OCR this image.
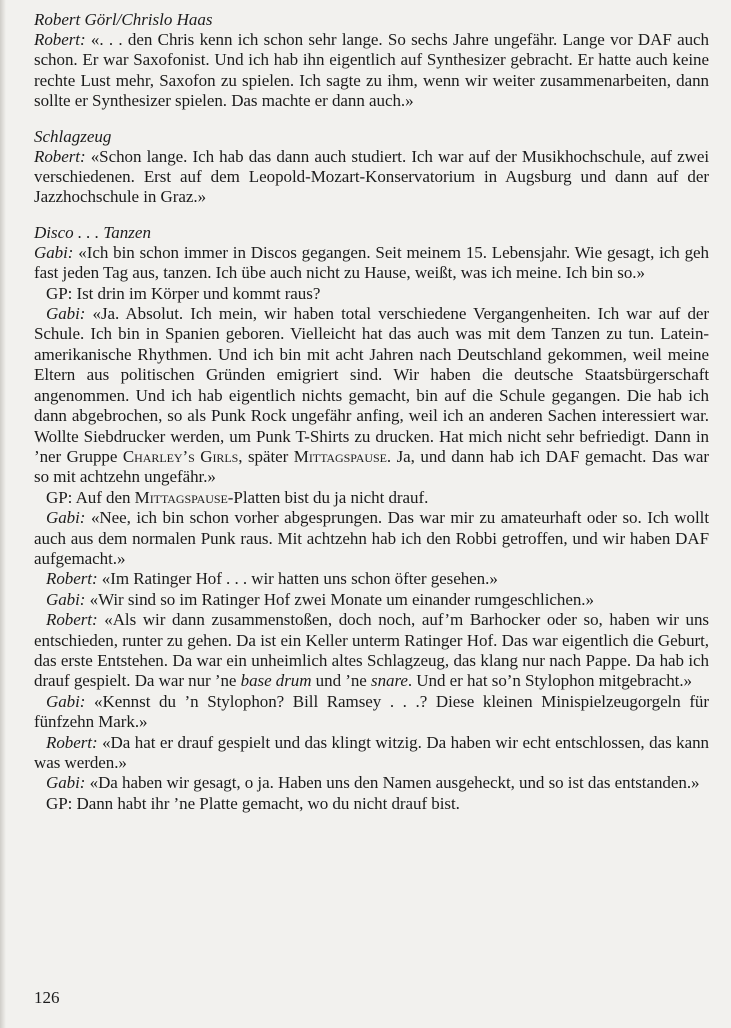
Robert Görl/Chrislo Haas

Robert: «. . . den Chris kenn ich schon sehr lange. So sechs Jahre ungefähr. Lange vor DAF auch schon. Er war Saxofonist. Und ich hab ihn eigentlich auf Synthesizer gebracht. Er hatte auch keine rechte Lust mehr, Saxofon zu spielen. Ich sagte zu ihm, wenn wir weiter zusammenarbeiten, dann sollte er Synthesizer spielen. Das machte er dann auch.»

Schlagzeug

Robert: «Schon lange. Ich hab das dann auch studiert. Ich war auf der Musikhochschule, auf zwei verschiedenen. Erst auf dem Leopold-Mozart-Konservatorium in Augsburg und dann auf der Jazzhochschule in Graz.»

Disco . . . Tanzen

Gabi: «Ich bin schon immer in Discos gegangen. Seit meinem 15. Lebensjahr. Wie gesagt, ich geh fast jeden Tag aus, tanzen. Ich übe auch nicht zu Hause, weißt, was ich meine. Ich bin so.»

GP: Ist drin im Körper und kommt raus?

Gabi: «Ja. Absolut. Ich mein, wir haben total verschiedene Vergangenheiten. Ich war auf der Schule. Ich bin in Spanien geboren. Vielleicht hat das auch was mit dem Tanzen zu tun. Latein-amerikanische Rhythmen. Und ich bin mit acht Jahren nach Deutschland gekommen, weil meine Eltern aus politischen Gründen emigriert sind. Wir haben die deutsche Staatsbürgerschaft angenommen. Und ich hab eigentlich nichts gemacht, bin auf die Schule gegangen. Die hab ich dann abgebrochen, so als Punk Rock ungefähr anfing, weil ich an anderen Sachen interessiert war. Wollte Siebdrucker werden, um Punk T-Shirts zu drucken. Hat mich nicht sehr befriedigt. Dann in ’ner Gruppe Charley’s Girls, später Mittagspause. Ja, und dann hab ich DAF gemacht. Das war so mit achtzehn ungefähr.»

GP: Auf den Mittagspause-Platten bist du ja nicht drauf.

Gabi: «Nee, ich bin schon vorher abgesprungen. Das war mir zu amateurhaft oder so. Ich wollt auch aus dem normalen Punk raus. Mit achtzehn hab ich den Robbi getroffen, und wir haben DAF aufgemacht.»

Robert: «Im Ratinger Hof . . . wir hatten uns schon öfter gesehen.»

Gabi: «Wir sind so im Ratinger Hof zwei Monate um einander rumgeschlichen.»

Robert: «Als wir dann zusammenstoßen, doch noch, auf’m Barhocker oder so, haben wir uns entschieden, runter zu gehen. Da ist ein Keller unterm Ratinger Hof. Das war eigentlich die Geburt, das erste Entstehen. Da war ein unheimlich altes Schlagzeug, das klang nur nach Pappe. Da hab ich drauf gespielt. Da war nur ’ne base drum und ’ne snare. Und er hat so’n Stylophon mitgebracht.»

Gabi: «Kennst du ’n Stylophon? Bill Ramsey . . .? Diese kleinen Minispielzeugorgeln für fünfzehn Mark.»

Robert: «Da hat er drauf gespielt und das klingt witzig. Da haben wir echt entschlossen, das kann was werden.»

Gabi: «Da haben wir gesagt, o ja. Haben uns den Namen ausgeheckt, und so ist das entstanden.»

GP: Dann habt ihr ’ne Platte gemacht, wo du nicht drauf bist.

126
